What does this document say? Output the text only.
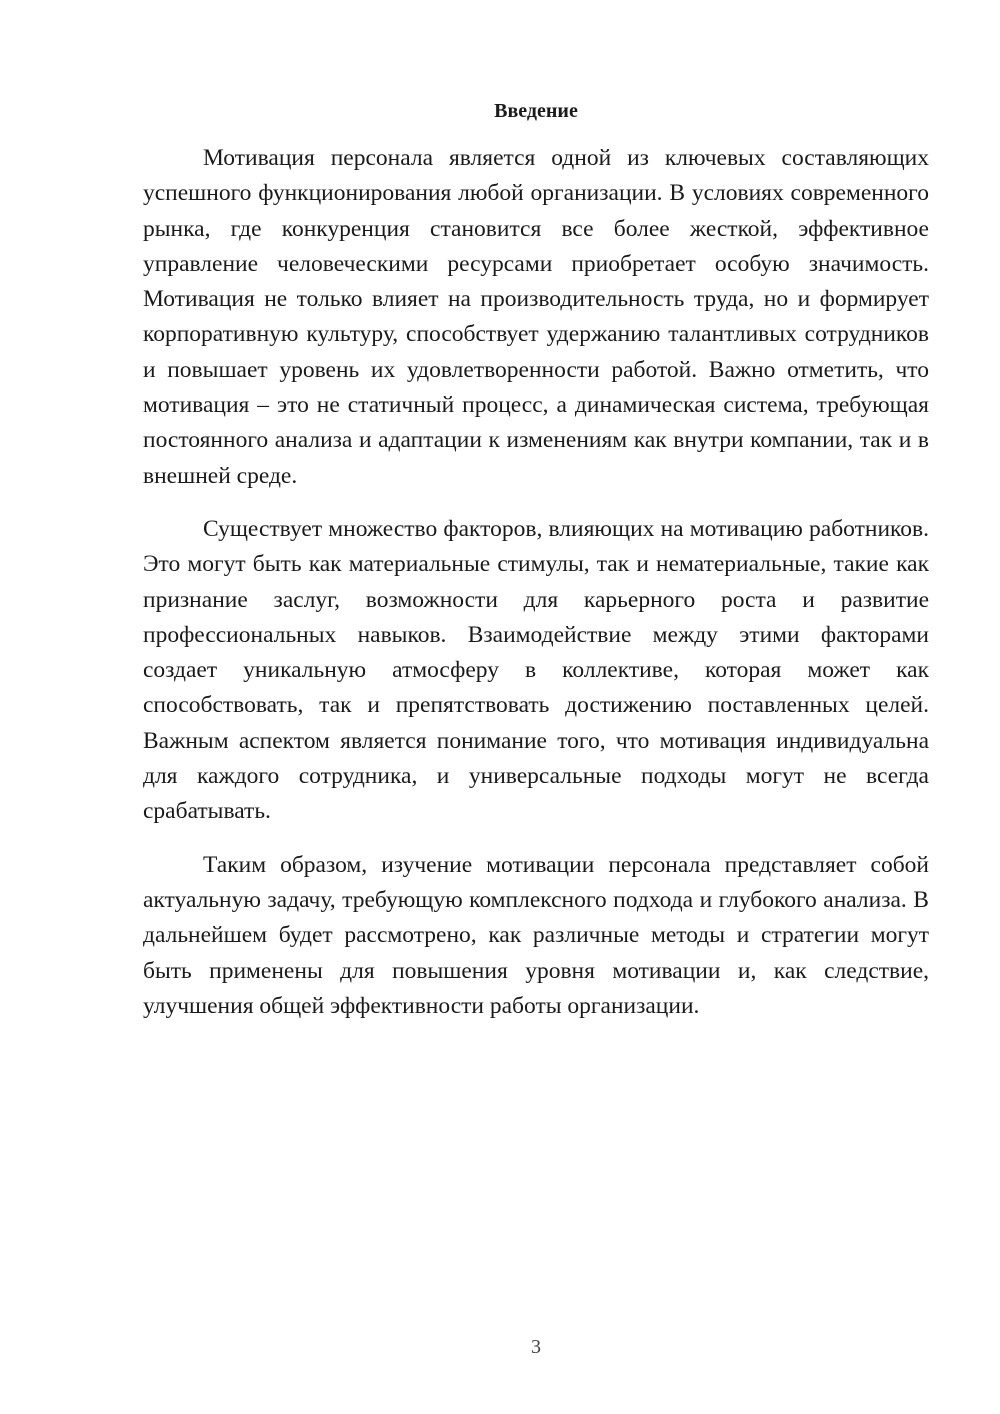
Введение

Мотивация персонала является одной из ключевых составляющих успешного функционирования любой организации. В условиях современного рынка, где конкуренция становится все более жесткой, эффективное управление человеческими ресурсами приобретает особую значимость. Мотивация не только влияет на производительность труда, но и формирует корпоративную культуру, способствует удержанию талантливых сотрудников и повышает уровень их удовлетворенности работой. Важно отметить, что мотивация – это не статичный процесс, а динамическая система, требующая постоянного анализа и адаптации к изменениям как внутри компании, так и в внешней среде.

Существует множество факторов, влияющих на мотивацию работников. Это могут быть как материальные стимулы, так и нематериальные, такие как признание заслуг, возможности для карьерного роста и развитие профессиональных навыков. Взаимодействие между этими факторами создает уникальную атмосферу в коллективе, которая может как способствовать, так и препятствовать достижению поставленных целей. Важным аспектом является понимание того, что мотивация индивидуальна для каждого сотрудника, и универсальные подходы могут не всегда срабатывать.

Таким образом, изучение мотивации персонала представляет собой актуальную задачу, требующую комплексного подхода и глубокого анализа. В дальнейшем будет рассмотрено, как различные методы и стратегии могут быть применены для повышения уровня мотивации и, как следствие, улучшения общей эффективности работы организации.

3
